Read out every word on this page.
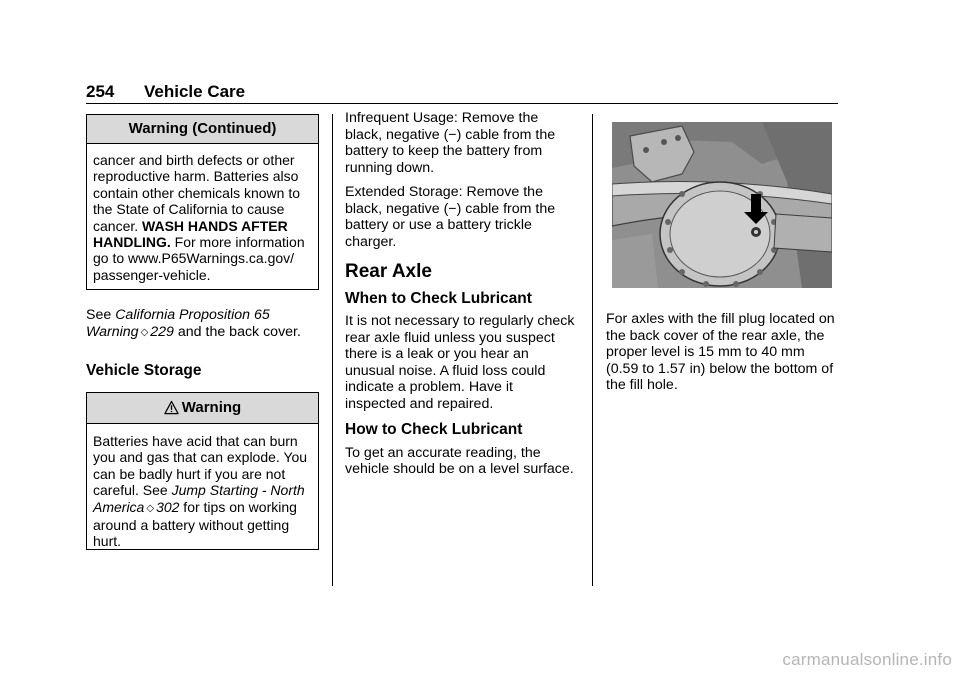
254 Vehicle Care
Warning (Continued)
cancer and birth defects or other reproductive harm. Batteries also contain other chemicals known to the State of California to cause cancer. WASH HANDS AFTER HANDLING. For more information go to www.P65Warnings.ca.gov/ passenger-vehicle.
See California Proposition 65 Warning ◇ 229 and the back cover.
Vehicle Storage
Warning
Batteries have acid that can burn you and gas that can explode. You can be badly hurt if you are not careful. See Jump Starting - North America ◇ 302 for tips on working around a battery without getting hurt.

Infrequent Usage: Remove the black, negative (−) cable from the battery to keep the battery from running down.

Extended Storage: Remove the black, negative (−) cable from the battery or use a battery trickle charger.

Rear Axle
When to Check Lubricant

It is not necessary to regularly check rear axle fluid unless you suspect there is a leak or you hear an unusual noise. A fluid loss could indicate a problem. Have it inspected and repaired.

How to Check Lubricant

To get an accurate reading, the vehicle should be on a level surface.

For axles with the fill plug located on the back cover of the rear axle, the proper level is 15 mm to 40 mm (0.59 to 1.57 in) below the bottom of the fill hole.
carmanualsonline.info
